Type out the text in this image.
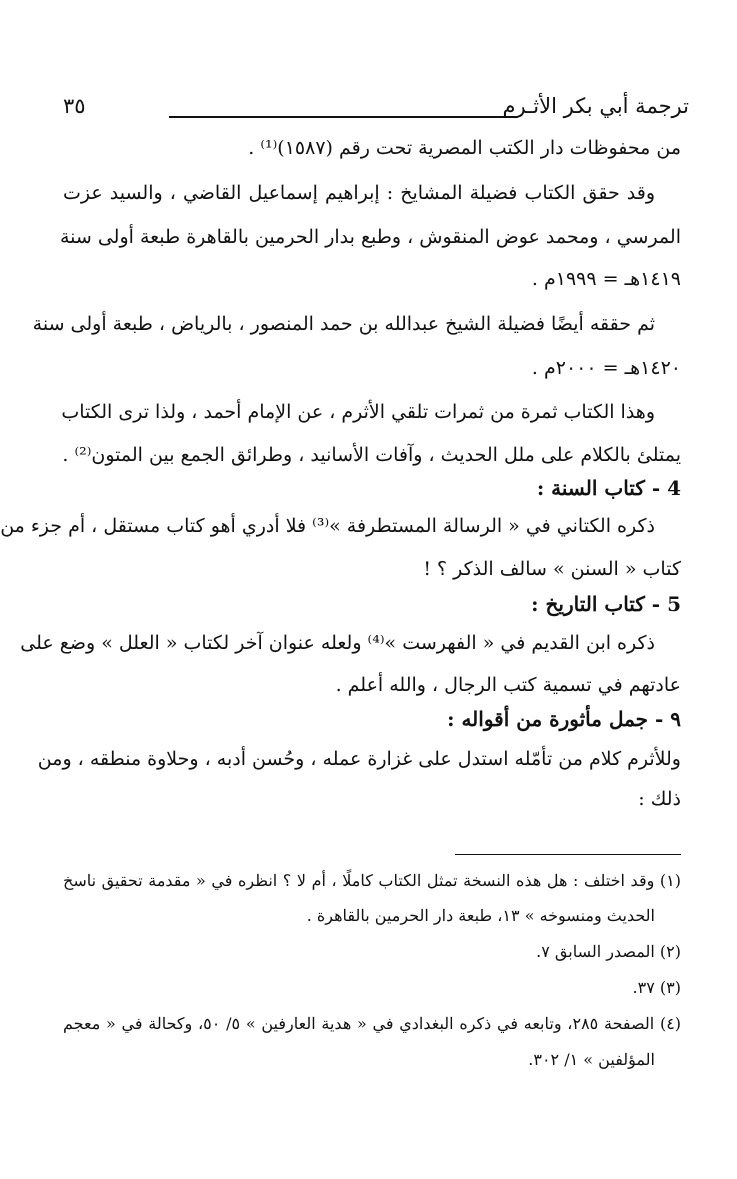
ترجمة أبي بكر الأثـرم
٣٥
من محفوظات دار الكتب المصرية تحت رقم (١٥٨٧)⁽¹⁾ .
وقد حقق الكتاب فضيلة المشايخ : إبراهيم إسماعيل القاضي ، والسيد عزت
المرسي ، ومحمد عوض المنقوش ، وطبع بدار الحرمين بالقاهرة طبعة أولى سنة
١٤١٩هـ = ١٩٩٩م .
ثم حققه أيضًا فضيلة الشيخ عبدالله بن حمد المنصور ، بالرياض ، طبعة أولى سنة
١٤٢٠هـ = ٢٠٠٠م .
وهذا الكتاب ثمرة من ثمرات تلقي الأثرم ، عن الإمام أحمد ، ولذا ترى الكتاب
يمتلئ بالكلام على ملل الحديث ، وآفات الأسانيد ، وطرائق الجمع بين المتون⁽²⁾ .
4 - كتاب السنة :
ذكره الكتاني في « الرسالة المستطرفة »⁽³⁾ فلا أدري أهو كتاب مستقل ، أم جزء من
كتاب « السنن » سالف الذكر ؟ !
5 - كتاب التاريخ :
ذكره ابن القديم في « الفهرست »⁽⁴⁾ ولعله عنوان آخر لكتاب « العلل » وضع على
عادتهم في تسمية كتب الرجال ، والله أعلم .
٩ - جمل مأثورة من أقواله :
وللأثرم كلام من تأمّله استدل على غزارة عمله ، وحُسن أدبه ، وحلاوة منطقه ، ومن
ذلك :
(١) وقد اختلف : هل هذه النسخة تمثل الكتاب كاملًا ، أم لا ؟ انظره في « مقدمة تحقيق ناسخ
الحديث ومنسوخه » ١٣، طبعة دار الحرمين بالقاهرة .
(٢) المصدر السابق ٧.
(٣) ٣٧.
(٤) الصفحة ٢٨٥، وتابعه في ذكره البغدادي في « هدية العارفين » ٥/ ٥٠، وكحالة في « معجم
المؤلفين » ١/ ٣٠٢.
